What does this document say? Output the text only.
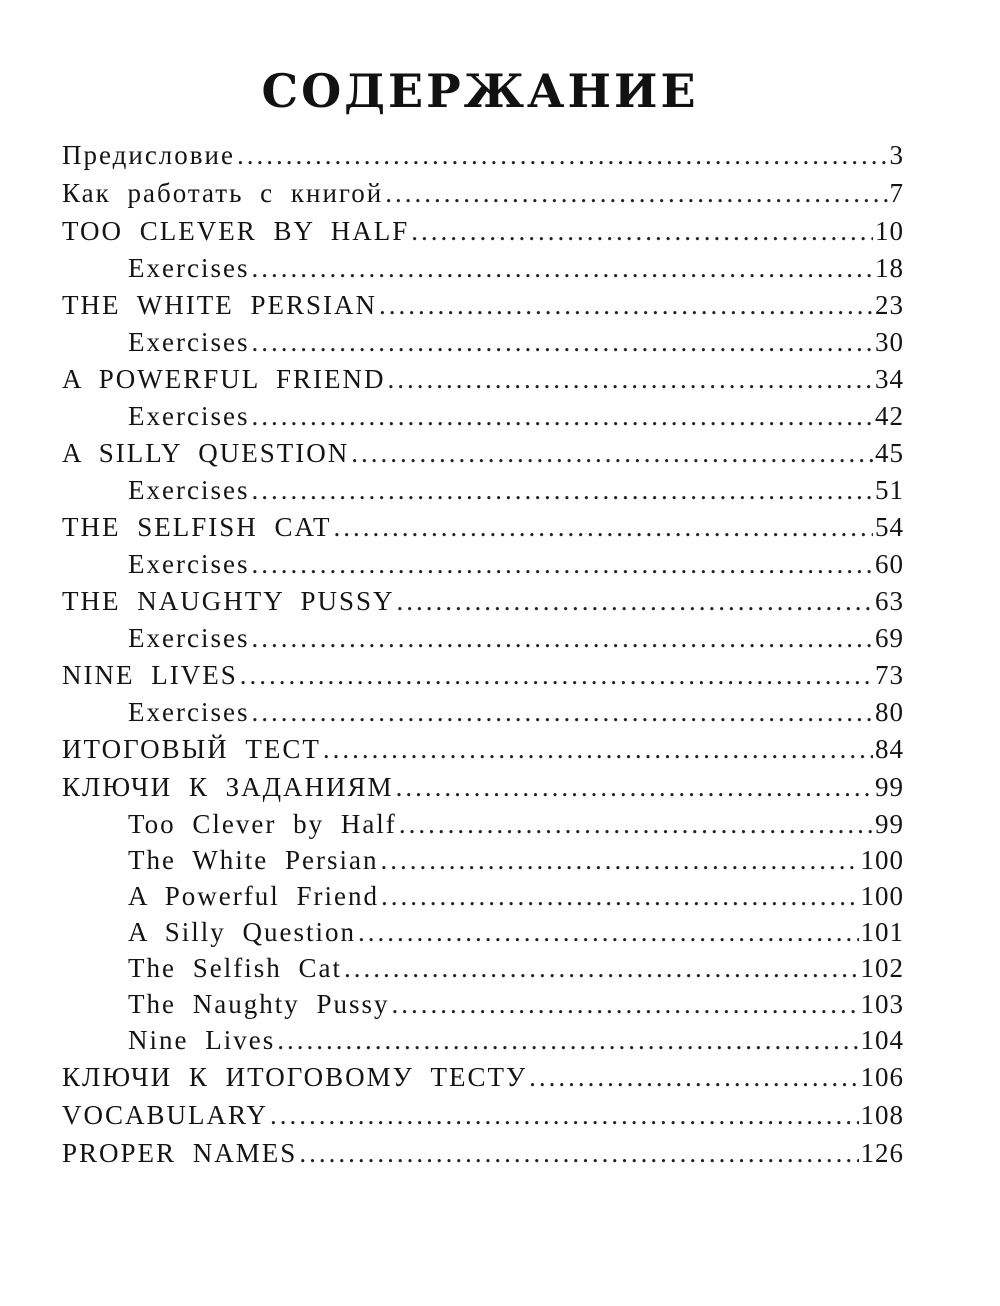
СОДЕРЖАНИЕ
Предисловие .....	3
Как работать с книгой .....	7
TOO CLEVER BY HALF .....	10
Exercises .....	18
THE WHITE PERSIAN .....	23
Exercises .....	30
A POWERFUL FRIEND .....	34
Exercises .....	42
A SILLY QUESTION .....	45
Exercises .....	51
THE SELFISH CAT .....	54
Exercises .....	60
THE NAUGHTY PUSSY .....	63
Exercises .....	69
NINE LIVES .....	73
Exercises .....	80
ИТОГОВЫЙ ТЕСТ .....	84
КЛЮЧИ К ЗАДАНИЯМ .....	99
Too Clever by Half .....	99
The White Persian .....	100
A Powerful Friend .....	100
A Silly Question .....	101
The Selfish Cat .....	102
The Naughty Pussy .....	103
Nine Lives .....	104
КЛЮЧИ К ИТОГОВОМУ ТЕСТУ .....	106
VOCABULARY .....	108
PROPER NAMES .....	126
